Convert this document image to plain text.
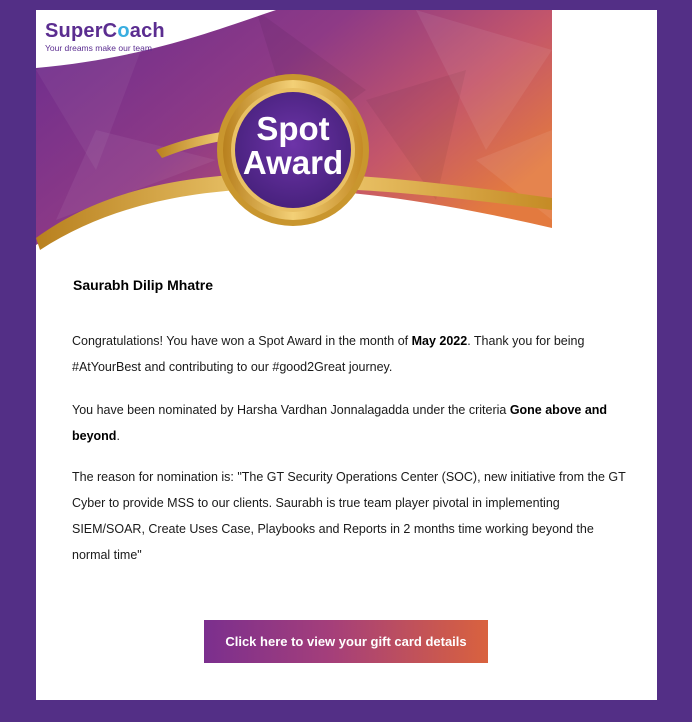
SuperCoach
Your dreams make our team
Spot
Award
Saurabh Dilip Mhatre
Congratulations! You have won a Spot Award in the month of May 2022. Thank you for being #AtYourBest and contributing to our #good2Great journey.
You have been nominated by Harsha Vardhan Jonnalagadda under the criteria Gone above and beyond.
The reason for nomination is: "The GT Security Operations Center (SOC), new initiative from the GT Cyber to provide MSS to our clients. Saurabh is true team player pivotal in implementing SIEM/SOAR, Create Uses Case, Playbooks and Reports in 2 months time working beyond the normal time"
Click here to view your gift card details
